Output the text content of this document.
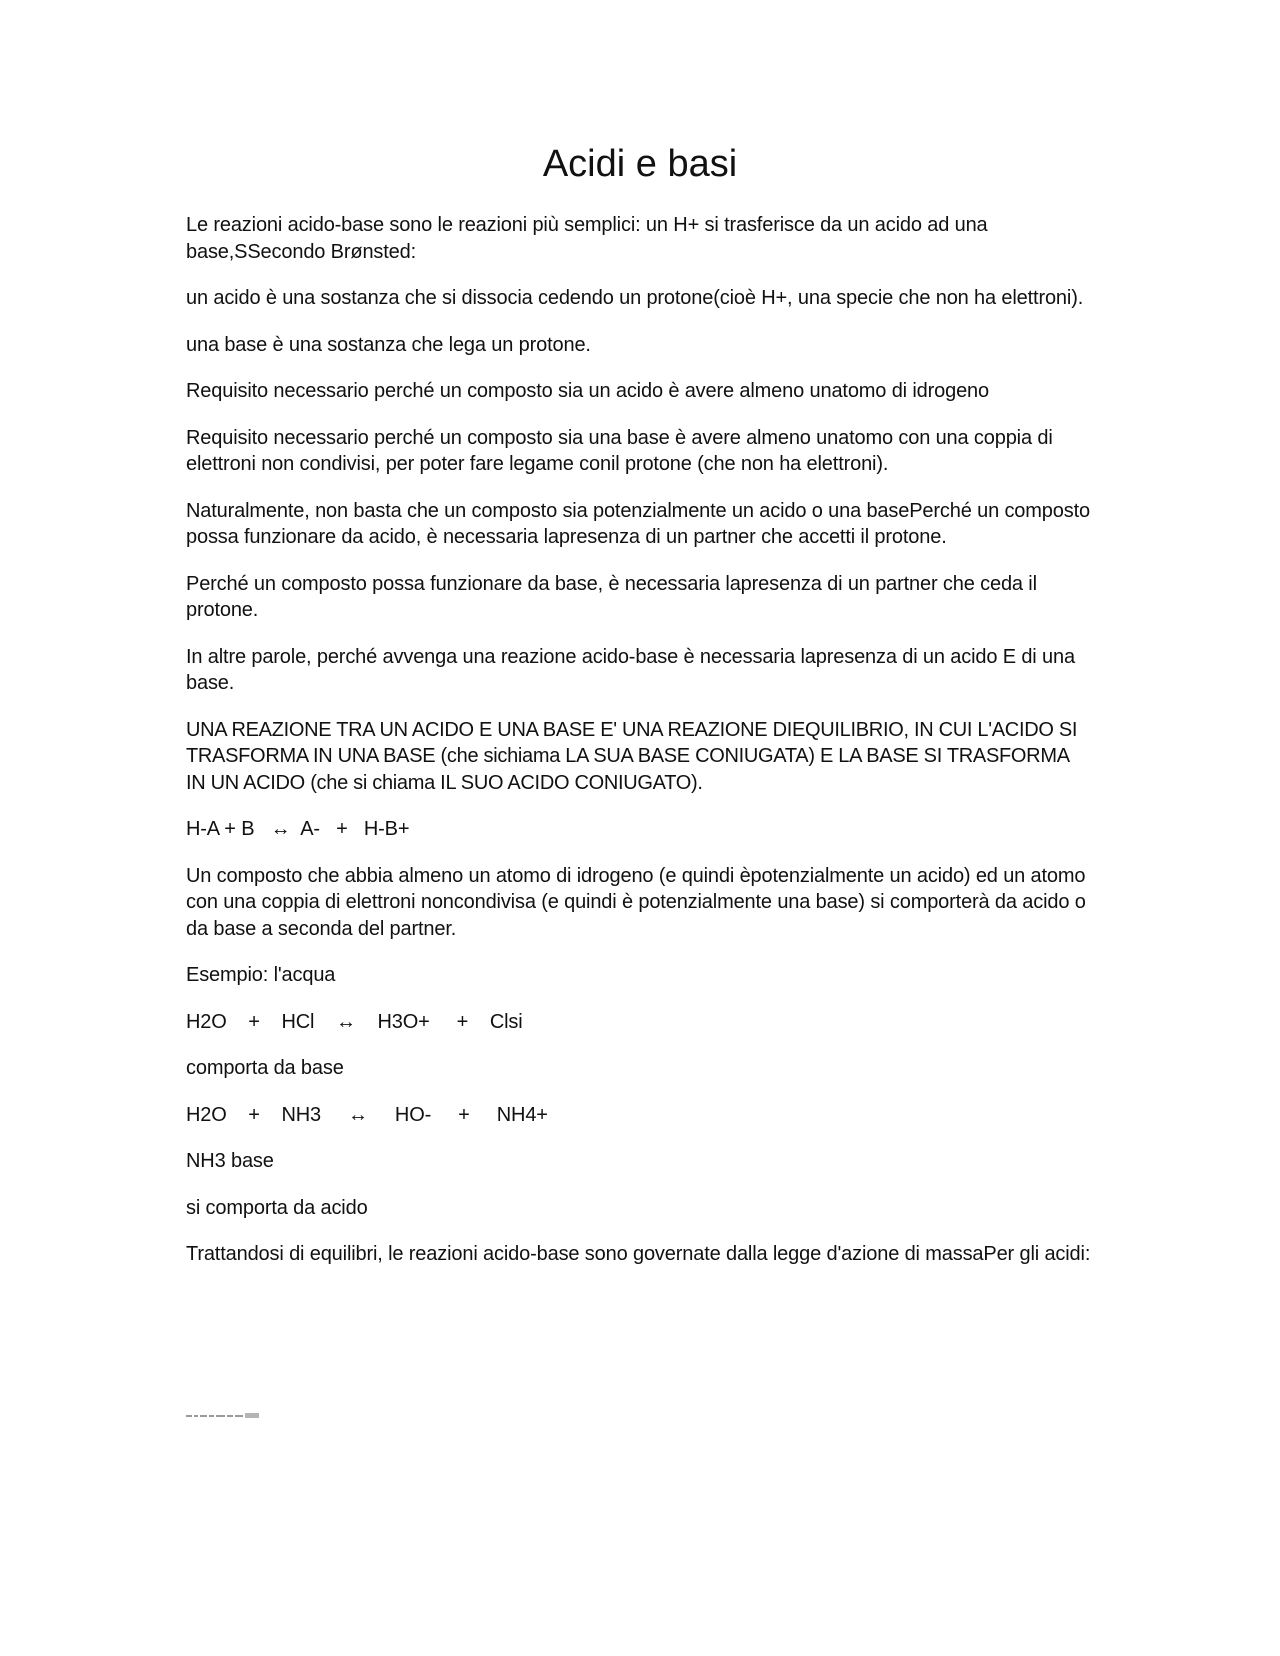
Acidi e basi

Le reazioni acido-base sono le reazioni più semplici: un H+ si trasferisce da un acido ad una base,SSecondo Brønsted:

un acido è una sostanza che si dissocia cedendo un protone(cioè H+, una specie che non ha elettroni).

una base è una sostanza che lega un protone.

Requisito necessario perché un composto sia un acido è avere almeno unatomo di idrogeno

Requisito necessario perché un composto sia una base è avere almeno unatomo con una coppia di elettroni non condivisi, per poter fare legame conil protone (che non ha elettroni).

Naturalmente, non basta che un composto sia potenzialmente un acido o una basePerché un composto possa funzionare da acido, è necessaria lapresenza di un partner che accetti il protone.

Perché un composto possa funzionare da base, è necessaria lapresenza di un partner che ceda il protone.

In altre parole, perché avvenga una reazione acido-base è necessaria lapresenza di un acido E di una base.

UNA REAZIONE TRA UN ACIDO E UNA BASE E' UNA REAZIONE DIEQUILIBRIO, IN CUI L'ACIDO SI TRASFORMA IN UNA BASE (che sichiama LA SUA BASE CONIUGATA) E LA BASE SI TRASFORMA IN UN ACIDO (che si chiama IL SUO ACIDO CONIUGATO).

H-A + B   ↔  A-   +   H-B+

Un composto che abbia almeno un atomo di idrogeno (e quindi èpotenzialmente un acido) ed un atomo con una coppia di elettroni noncondivisa (e quindi è potenzialmente una base) si comporterà da acido o da base a seconda del partner.

Esempio: l'acqua

H2O    +    HCl    ↔    H3O+     +    Clsi

comporta da base

H2O    +    NH3     ↔     HO-     +     NH4+

NH3 base

si comporta da acido

Trattandosi di equilibri, le reazioni acido-base sono governate dalla legge d'azione di massaPer gli acidi:
